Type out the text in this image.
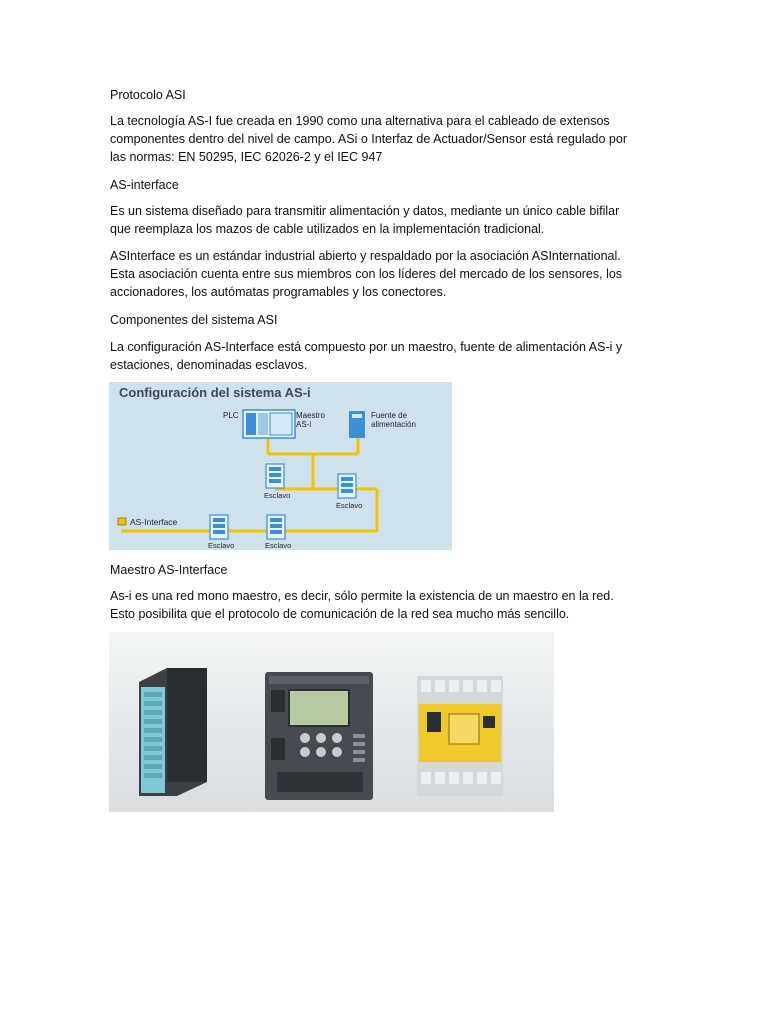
Protocolo ASI

La tecnología AS-I fue creada en 1990 como una alternativa para el cableado de extensos
componentes dentro del nivel de campo. ASi o Interfaz de Actuador/Sensor está regulado por
las normas: EN 50295, IEC 62026-2 y el IEC 947

AS-interface

Es un sistema diseñado para transmitir alimentación y datos, mediante un único cable bifilar
que reemplaza los mazos de cable utilizados en la implementación tradicional.

ASInterface es un estándar industrial abierto y respaldado por la asociación ASInternational.
Esta asociación cuenta entre sus miembros con los líderes del mercado de los sensores, los
accionadores, los autómatas programables y los conectores.

Componentes del sistema ASI

La configuración AS-Interface está compuesto por un maestro, fuente de alimentación AS-i y
estaciones, denominadas esclavos.

Configuración del sistema AS-i
PLC	Maestro
AS-i
Fuente de
alimentación
Esclavo
Esclavo
Esclavo	Esclavo
AS-Interface

Maestro AS-Interface

As-i es una red mono maestro, es decir, sólo permite la existencia de un maestro en la red.
Esto posibilita que el protocolo de comunicación de la red sea mucho más sencillo.
